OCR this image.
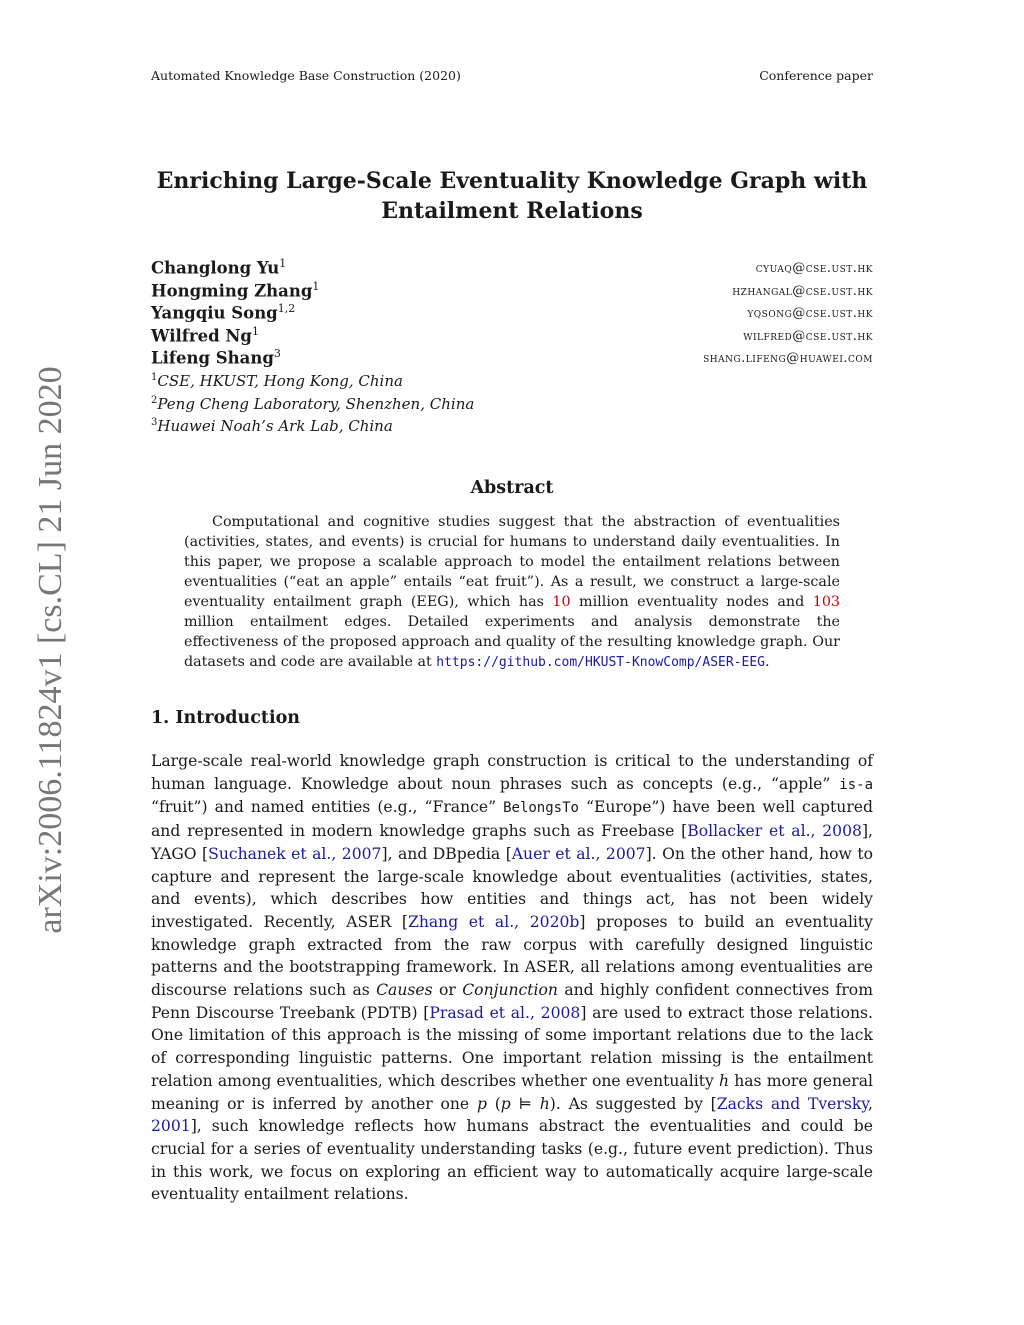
Automated Knowledge Base Construction (2020)	Conference paper
arXiv:2006.11824v1 [cs.CL] 21 Jun 2020
Enriching Large-Scale Eventuality Knowledge Graph with
Entailment Relations
Changlong Yu$^1$	cyuaq@cse.ust.hk
Hongming Zhang$^1$	hzhangal@cse.ust.hk
Yangqiu Song$^{1,2}$	yqsong@cse.ust.hk
Wilfred Ng$^1$	wilfred@cse.ust.hk
Lifeng Shang$^3$	shang.lifeng@huawei.com
$^1$CSE, HKUST, Hong Kong, China
$^2$Peng Cheng Laboratory, Shenzhen, China
$^3$Huawei Noah’s Ark Lab, China
Abstract

Computational and cognitive studies suggest that the abstraction of eventualities (activities, states, and events) is crucial for humans to understand daily eventualities. In this paper, we propose a scalable approach to model the entailment relations between eventualities (“eat an apple” entails “eat fruit”). As a result, we construct a large-scale eventuality entailment graph (EEG), which has 10 million eventuality nodes and 103 million entailment edges. Detailed experiments and analysis demonstrate the effectiveness of the proposed approach and quality of the resulting knowledge graph. Our datasets and code are available at https://github.com/HKUST-KnowComp/ASER-EEG.

1. Introduction

Large-scale real-world knowledge graph construction is critical to the understanding of human language. Knowledge about noun phrases such as concepts (e.g., “apple” is-a “fruit”) and named entities (e.g., “France” BelongsTo “Europe”) have been well captured and represented in modern knowledge graphs such as Freebase [Bollacker et al., 2008], YAGO [Suchanek et al., 2007], and DBpedia [Auer et al., 2007]. On the other hand, how to capture and represent the large-scale knowledge about eventualities (activities, states, and events), which describes how entities and things act, has not been widely investigated. Recently, ASER [Zhang et al., 2020b] proposes to build an eventuality knowledge graph extracted from the raw corpus with carefully designed linguistic patterns and the bootstrapping framework. In ASER, all relations among eventualities are discourse relations such as Causes or Conjunction and highly confident connectives from Penn Discourse Treebank (PDTB) [Prasad et al., 2008] are used to extract those relations. One limitation of this approach is the missing of some important relations due to the lack of corresponding linguistic patterns. One important relation missing is the entailment relation among eventualities, which describes whether one eventuality h has more general meaning or is inferred by another one p (p ⊨ h). As suggested by [Zacks and Tversky, 2001], such knowledge reflects how humans abstract the eventualities and could be crucial for a series of eventuality understanding tasks (e.g., future event prediction). Thus in this work, we focus on exploring an efficient way to automatically acquire large-scale eventuality entailment relations.
